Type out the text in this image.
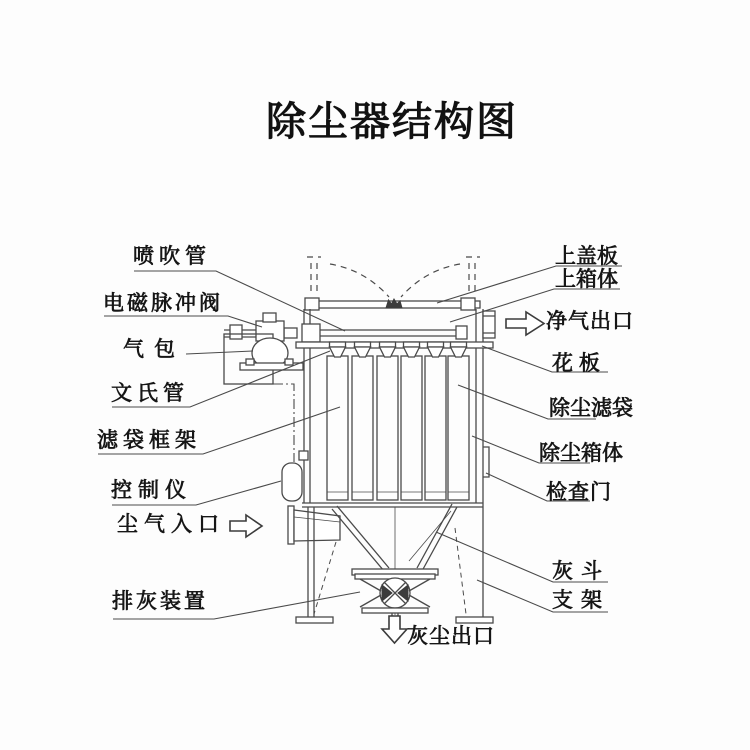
除尘器结构图
喷吹管
电磁脉冲阀
气包
文氏管
滤袋框架
控制仪
尘气入口
排灰装置
上盖板
上箱体
净气出口
花 板
除尘滤袋
除尘箱体
检查门
灰斗
支架
灰尘出口
